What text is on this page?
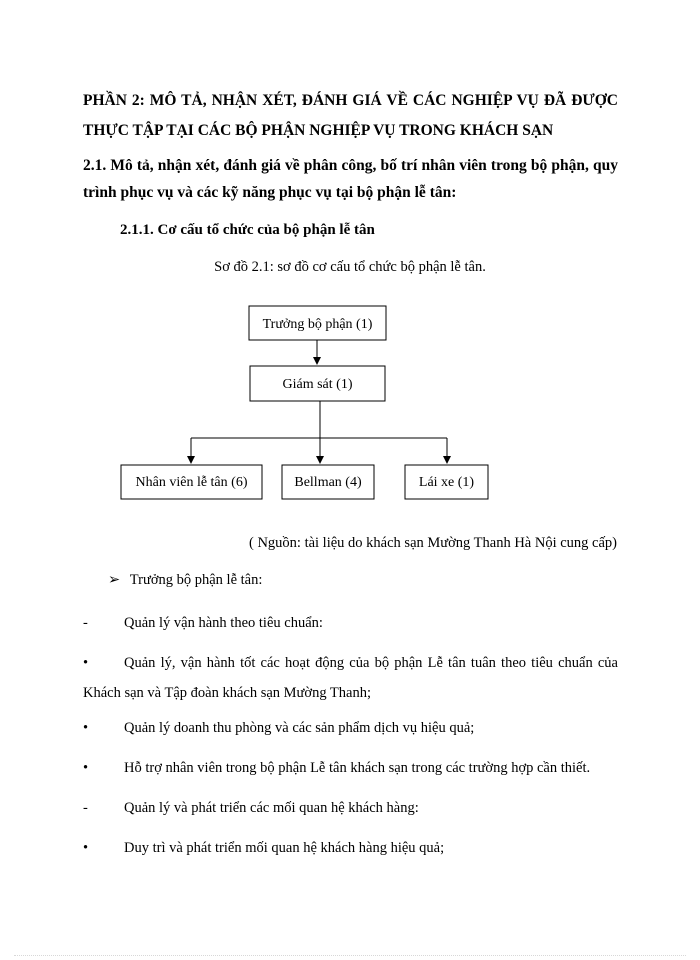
PHẦN 2: MÔ TẢ, NHẬN XÉT, ĐÁNH GIÁ VỀ CÁC NGHIỆP VỤ ĐÃ ĐƯỢC THỰC TẬP TẠI CÁC BỘ PHẬN NGHIỆP VỤ TRONG KHÁCH SẠN

2.1. Mô tả, nhận xét, đánh giá về phân công, bố trí nhân viên trong bộ phận, quy trình phục vụ và các kỹ năng phục vụ tại bộ phận lễ tân:

2.1.1. Cơ cấu tổ chức của bộ phận lễ tân

Sơ đồ 2.1: sơ đồ cơ cấu tổ chức bộ phận lễ tân.

Trưởng bộ phận (1)
Giám sát (1)
Nhân viên lễ tân (6)	Bellman (4)	Lái xe (1)

( Nguồn: tài liệu do khách sạn Mường Thanh Hà Nội cung cấp)

➢ Trưởng bộ phận lễ tân:
- Quản lý vận hành theo tiêu chuẩn:
•	Quản lý, vận hành tốt các hoạt động của bộ phận Lễ tân tuân theo tiêu chuẩn của Khách sạn và Tập đoàn khách sạn Mường Thanh;
• Quản lý doanh thu phòng và các sản phẩm dịch vụ hiệu quả;
• Hỗ trợ nhân viên trong bộ phận Lễ tân khách sạn trong các trường hợp cần thiết.
- Quản lý và phát triển các mối quan hệ khách hàng:
• Duy trì và phát triển mối quan hệ khách hàng hiệu quả;
